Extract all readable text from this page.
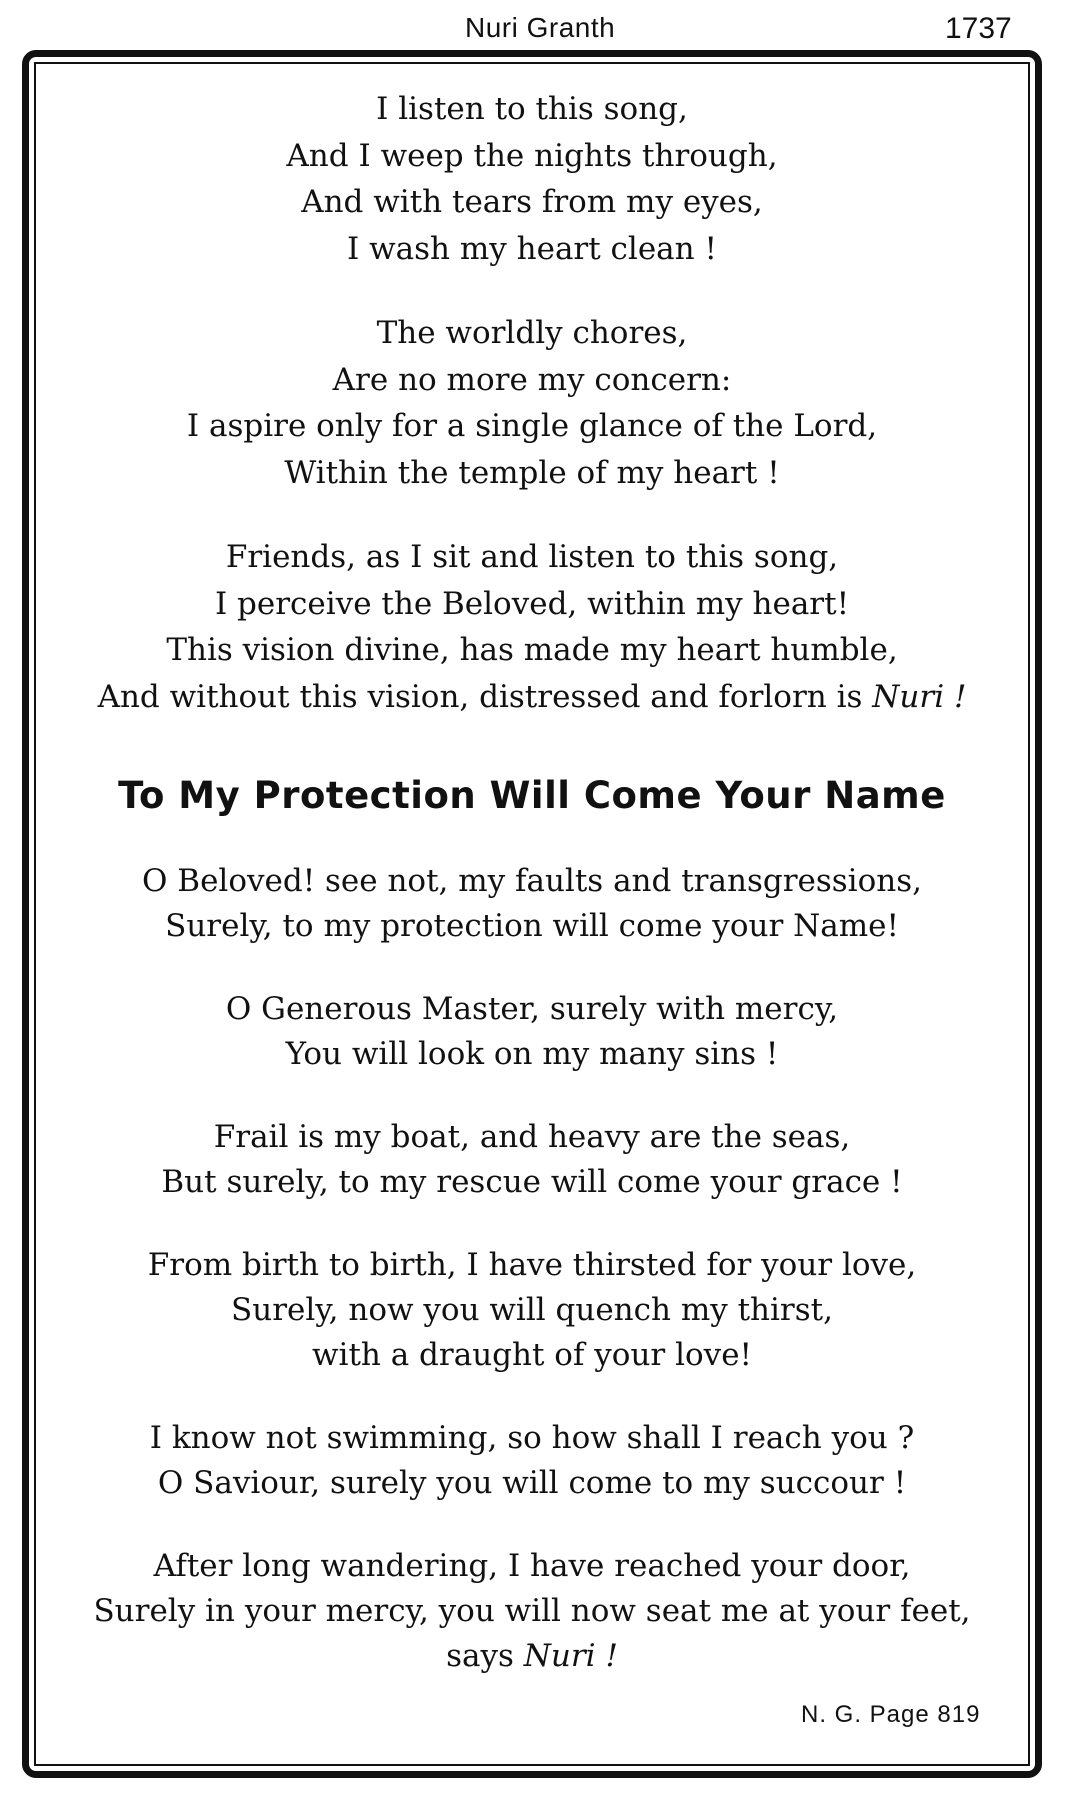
Nuri Granth	1737
I listen to this song,
And I weep the nights through,
And with tears from my eyes,
I wash my heart clean !
The worldly chores,
Are no more my concern:
I aspire only for a single glance of the Lord,
Within the temple of my heart !
Friends, as I sit and listen to this song,
I perceive the Beloved, within my heart!
This vision divine, has made my heart humble,
And without this vision, distressed and forlorn is Nuri !
To My Protection Will Come Your Name
O Beloved! see not, my faults and transgressions,
Surely, to my protection will come your Name!
O Generous Master, surely with mercy,
You will look on my many sins !
Frail is my boat, and heavy are the seas,
But surely, to my rescue will come your grace !
From birth to birth, I have thirsted for your love,
Surely, now you will quench my thirst,
with a draught of your love!
I know not swimming, so how shall I reach you ?
O Saviour, surely you will come to my succour !
After long wandering, I have reached your door,
Surely in your mercy, you will now seat me at your feet,
says Nuri !
N. G. Page 819
